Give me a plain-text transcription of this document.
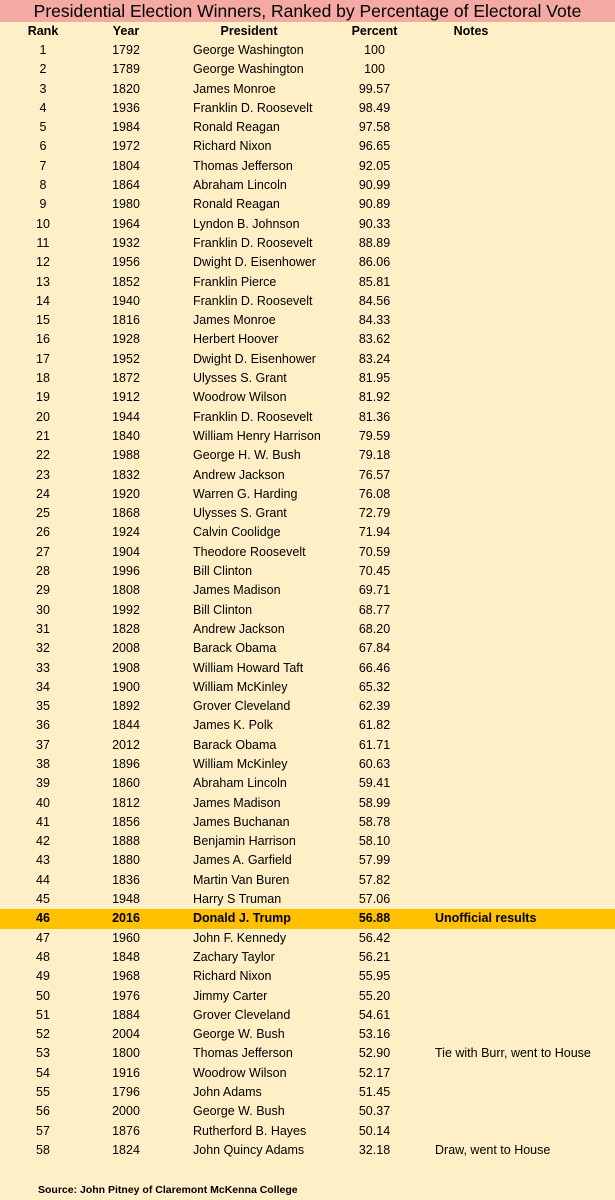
Presidential Election Winners, Ranked by Percentage of Electoral Vote
Rank	Year	President	Percent	Notes
1	1792	George Washington	100
2	1789	George Washington	100
3	1820	James Monroe	99.57
4	1936	Franklin D. Roosevelt	98.49
5	1984	Ronald Reagan	97.58
6	1972	Richard Nixon	96.65
7	1804	Thomas Jefferson	92.05
8	1864	Abraham Lincoln	90.99
9	1980	Ronald Reagan	90.89
10	1964	Lyndon B. Johnson	90.33
11	1932	Franklin D. Roosevelt	88.89
12	1956	Dwight D. Eisenhower	86.06
13	1852	Franklin Pierce	85.81
14	1940	Franklin D. Roosevelt	84.56
15	1816	James Monroe	84.33
16	1928	Herbert Hoover	83.62
17	1952	Dwight D. Eisenhower	83.24
18	1872	Ulysses S. Grant	81.95
19	1912	Woodrow Wilson	81.92
20	1944	Franklin D. Roosevelt	81.36
21	1840	William Henry Harrison	79.59
22	1988	George H. W. Bush	79.18
23	1832	Andrew Jackson	76.57
24	1920	Warren G. Harding	76.08
25	1868	Ulysses S. Grant	72.79
26	1924	Calvin Coolidge	71.94
27	1904	Theodore Roosevelt	70.59
28	1996	Bill Clinton	70.45
29	1808	James Madison	69.71
30	1992	Bill Clinton	68.77
31	1828	Andrew Jackson	68.20
32	2008	Barack Obama	67.84
33	1908	William Howard Taft	66.46
34	1900	William McKinley	65.32
35	1892	Grover Cleveland	62.39
36	1844	James K. Polk	61.82
37	2012	Barack Obama	61.71
38	1896	William McKinley	60.63
39	1860	Abraham Lincoln	59.41
40	1812	James Madison	58.99
41	1856	James Buchanan	58.78
42	1888	Benjamin Harrison	58.10
43	1880	James A. Garfield	57.99
44	1836	Martin Van Buren	57.82
45	1948	Harry S Truman	57.06
46	2016	Donald J. Trump	56.88	Unofficial results
47	1960	John F. Kennedy	56.42
48	1848	Zachary Taylor	56.21
49	1968	Richard Nixon	55.95
50	1976	Jimmy Carter	55.20
51	1884	Grover Cleveland	54.61
52	2004	George W. Bush	53.16
53	1800	Thomas Jefferson	52.90	Tie with Burr, went to House
54	1916	Woodrow Wilson	52.17
55	1796	John Adams	51.45
56	2000	George W. Bush	50.37
57	1876	Rutherford B. Hayes	50.14
58	1824	John Quincy Adams	32.18	Draw, went to House
Source: John Pitney of Claremont McKenna College
